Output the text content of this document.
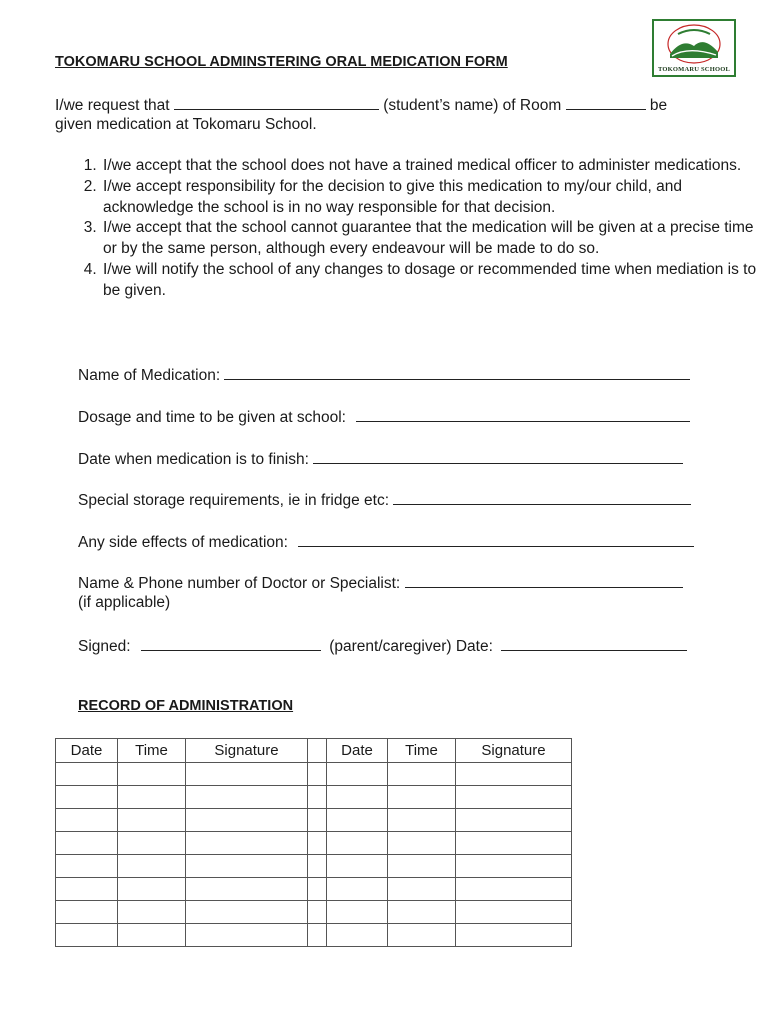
TOKOMARU SCHOOL ADMINSTERING ORAL MEDICATION FORM	TOKOMARU SCHOOL
I/we request that	(student’s name) of Room	be
given medication at Tokomaru School.
1. I/we accept that the school does not have a trained medical officer to administer medications.
2. I/we accept responsibility for the decision to give this medication to my/our child, and acknowledge the school is in no way responsible for that decision.
3. I/we accept that the school cannot guarantee that the medication will be given at a precise time or by the same person, although every endeavour will be made to do so.
4. I/we will notify the school of any changes to dosage or recommended time when mediation is to be given.
Name of Medication:
Dosage and time to be given at school:
Date when medication is to finish:
Special storage requirements, ie in fridge etc:
Any side effects of medication:
Name & Phone number of Doctor or Specialist:
(if applicable)
Signed:	(parent/caregiver) Date:
RECORD OF ADMINISTRATION
Date	Time	Signature		Date	Time	Signature
